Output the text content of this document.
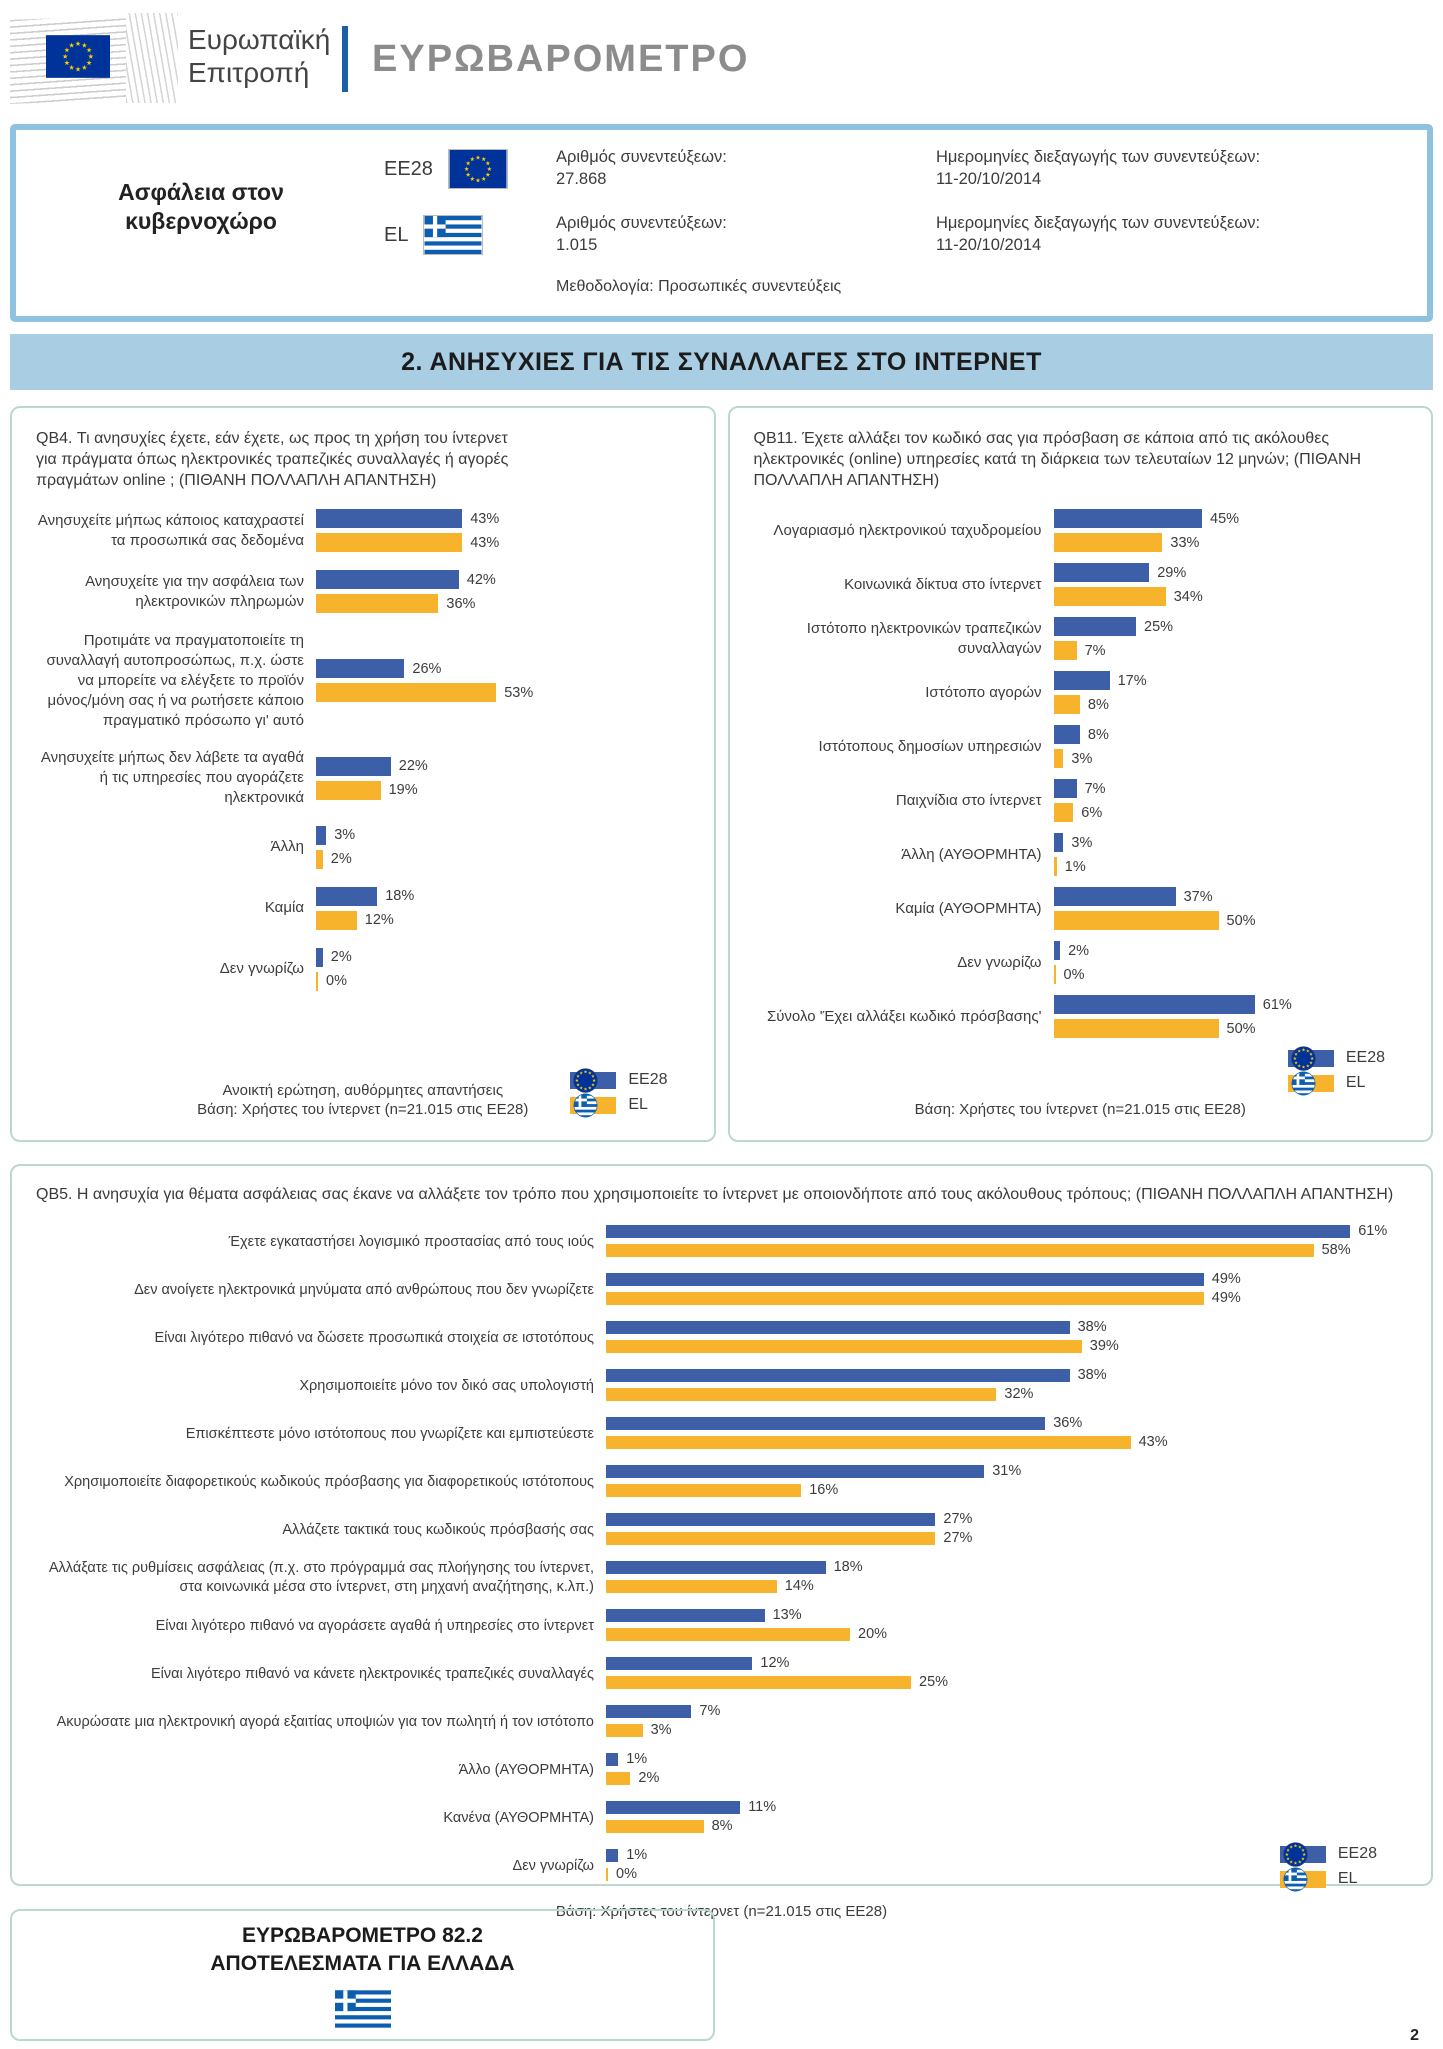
Ευρωπαϊκή
Επιτροπή	ΕΥΡΩΒΑΡΟΜΕΤΡΟ
Ασφάλεια στον κυβερνοχώρο
EE28
Αριθμός συνεντεύξεων:
27.868
Ημερομηνίες διεξαγωγής των συνεντεύξεων:
11-20/10/2014
EL
Αριθμός συνεντεύξεων:
1.015
Ημερομηνίες διεξαγωγής των συνεντεύξεων:
11-20/10/2014
Μεθοδολογία: Προσωπικές συνεντεύξεις
2. ΑΝΗΣΥΧΙΕΣ ΓΙΑ ΤΙΣ ΣΥΝΑΛΛΑΓΕΣ ΣΤΟ ΙΝΤΕΡΝΕΤ

QB4. Τι ανησυχίες έχετε, εάν έχετε, ως προς τη χρήση του ίντερνετ για πράγματα όπως ηλεκτρονικές τραπεζικές συναλλαγές ή αγορές πραγμάτων online ; (ΠΙΘΑΝΗ ΠΟΛΛΑΠΛΗ ΑΠΑΝΤΗΣΗ)

Ανησυχείτε μήπως κάποιος καταχραστεί τα προσωπικά σας δεδομένα
43%
43%
Ανησυχείτε για την ασφάλεια των ηλεκτρονικών πληρωμών
42%
36%
Προτιμάτε να πραγματοποιείτε τη συναλλαγή αυτοπροσώπως, π.χ. ώστε να μπορείτε να ελέγξετε το προϊόν μόνος/μόνη σας ή να ρωτήσετε κάποιο πραγματικό πρόσωπο γι' αυτό
26%
53%
Ανησυχείτε μήπως δεν λάβετε τα αγαθά ή τις υπηρεσίες που αγοράζετε ηλεκτρονικά
22%
19%
Άλλη
3%
2%
Καμία
18%
12%
Δεν γνωρίζω
2%
0%
EE28
EL

Ανοικτή ερώτηση, αυθόρμητες απαντήσεις

Βάση: Χρήστες του ίντερνετ (n=21.015 στις ΕΕ28)

QB11. Έχετε αλλάξει τον κωδικό σας για πρόσβαση σε κάποια από τις ακόλουθες ηλεκτρονικές (online) υπηρεσίες κατά τη διάρκεια των τελευταίων 12 μηνών; (ΠΙΘΑΝΗ ΠΟΛΛΑΠΛΗ ΑΠΑΝΤΗΣΗ)

Λογαριασμό ηλεκτρονικού ταχυδρομείου
45%
33%
Κοινωνικά δίκτυα στο ίντερνετ
29%
34%
Ιστότοπο ηλεκτρονικών τραπεζικών συναλλαγών
25%
7%
Ιστότοπο αγορών
17%
8%
Ιστότοπους δημοσίων υπηρεσιών
8%
3%
Παιχνίδια στο ίντερνετ
7%
6%
Άλλη (ΑΥΘΟΡΜΗΤΑ)
3%
1%
Καμία (ΑΥΘΟΡΜΗΤΑ)
37%
50%
Δεν γνωρίζω
2%
0%
Σύνολο 'Έχει αλλάξει κωδικό πρόσβασης'
61%
50%
EE28
EL

Βάση: Χρήστες του ίντερνετ (n=21.015 στις ΕΕ28)

QB5. Η ανησυχία για θέματα ασφάλειας σας έκανε να αλλάξετε τον τρόπο που χρησιμοποιείτε το ίντερνετ με οποιονδήποτε από τους ακόλουθους τρόπους; (ΠΙΘΑΝΗ ΠΟΛΛΑΠΛΗ ΑΠΑΝΤΗΣΗ)

Έχετε εγκαταστήσει λογισμικό προστασίας από τους ιούς
61%
58%
Δεν ανοίγετε ηλεκτρονικά μηνύματα από ανθρώπους που δεν γνωρίζετε
49%
49%
Είναι λιγότερο πιθανό να δώσετε προσωπικά στοιχεία σε ιστοτόπους
38%
39%
Χρησιμοποιείτε μόνο τον δικό σας υπολογιστή
38%
32%
Επισκέπτεστε μόνο ιστότοπους που γνωρίζετε και εμπιστεύεστε
36%
43%
Χρησιμοποιείτε διαφορετικούς κωδικούς πρόσβασης για διαφορετικούς ιστότοπους
31%
16%
Αλλάζετε τακτικά τους κωδικούς πρόσβασής σας
27%
27%
Αλλάξατε τις ρυθμίσεις ασφάλειας (π.χ. στο πρόγραμμά σας πλοήγησης του ίντερνετ, στα κοινωνικά μέσα στο ίντερνετ, στη μηχανή αναζήτησης, κ.λπ.)
18%
14%
Είναι λιγότερο πιθανό να αγοράσετε αγαθά ή υπηρεσίες στο ίντερνετ
13%
20%
Είναι λιγότερο πιθανό να κάνετε ηλεκτρονικές τραπεζικές συναλλαγές
12%
25%
Ακυρώσατε μια ηλεκτρονική αγορά εξαιτίας υποψιών για τον πωλητή ή τον ιστότοπο
7%
3%
Άλλο (ΑΥΘΟΡΜΗΤΑ)
1%
2%
Κανένα (ΑΥΘΟΡΜΗΤΑ)
11%
8%
Δεν γνωρίζω
1%
0%
EE28
EL

Βάση: Χρήστες του ίντερνετ (n=21.015 στις ΕΕ28)

ΕΥΡΩΒΑΡΟΜΕΤΡΟ 82.2
ΑΠΟΤΕΛΕΣΜΑΤΑ ΓΙΑ ΕΛΛΑΔΑ
2
